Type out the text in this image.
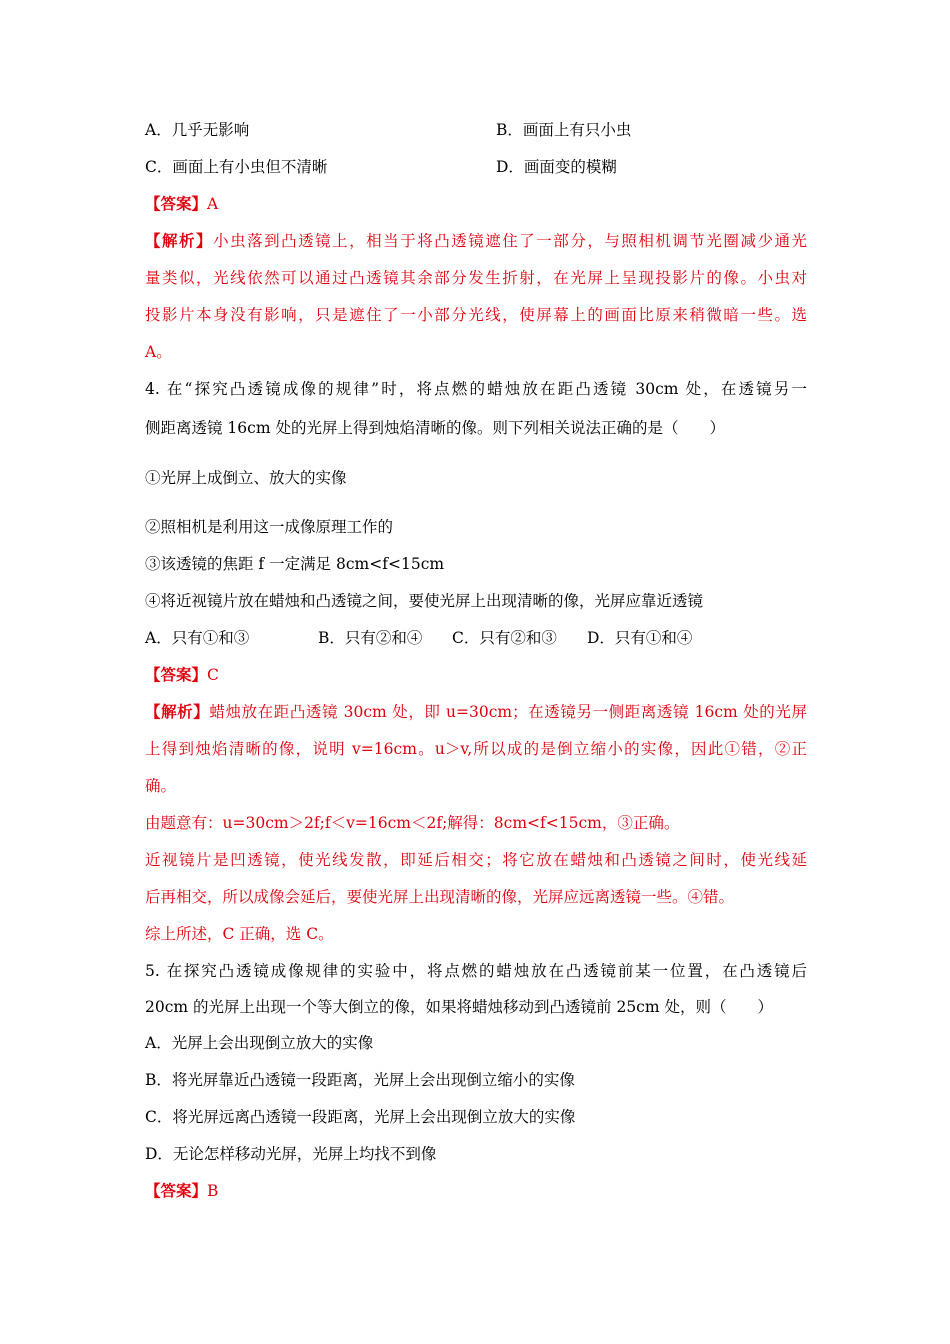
A．几乎无影响	B．画面上有只小虫
C．画面上有小虫但不清晰	D．画面变的模糊
【答案】A
【解析】小虫落到凸透镜上，相当于将凸透镜遮住了一部分，与照相机调节光圈减少通光
量类似，光线依然可以通过凸透镜其余部分发生折射，在光屏上呈现投影片的像。小虫对
投影片本身没有影响，只是遮住了一小部分光线，使屏幕上的画面比原来稍微暗一些。选
A。
4. 在“探究凸透镜成像的规律”时，将点燃的蜡烛放在距凸透镜 30cm 处，在透镜另一
侧距离透镜 16cm 处的光屏上得到烛焰清晰的像。则下列相关说法正确的是（　　）
①光屏上成倒立、放大的实像
②照相机是利用这一成像原理工作的
③该透镜的焦距 f 一定满足 8cm<f<15cm
④将近视镜片放在蜡烛和凸透镜之间，要使光屏上出现清晰的像，光屏应靠近透镜
A．只有①和③	B．只有②和④ C．只有②和③ D．只有①和④
【答案】C
【解析】蜡烛放在距凸透镜 30cm 处，即 u=30cm；在透镜另一侧距离透镜 16cm 处的光屏
上得到烛焰清晰的像，说明 v=16cm。u＞v,所以成的是倒立缩小的实像，因此①错，②正
确。
由题意有：u=30cm＞2f;f＜v=16cm＜2f;解得：8cm<f<15cm，③正确。
近视镜片是凹透镜，使光线发散，即延后相交；将它放在蜡烛和凸透镜之间时，使光线延
后再相交，所以成像会延后，要使光屏上出现清晰的像，光屏应远离透镜一些。④错。
综上所述，C 正确，选 C。
5. 在探究凸透镜成像规律的实验中，将点燃的蜡烛放在凸透镜前某一位置，在凸透镜后
20cm 的光屏上出现一个等大倒立的像，如果将蜡烛移动到凸透镜前 25cm 处，则（　　）
A．光屏上会出现倒立放大的实像
B．将光屏靠近凸透镜一段距离，光屏上会出现倒立缩小的实像
C．将光屏远离凸透镜一段距离，光屏上会出现倒立放大的实像
D．无论怎样移动光屏，光屏上均找不到像
【答案】B
